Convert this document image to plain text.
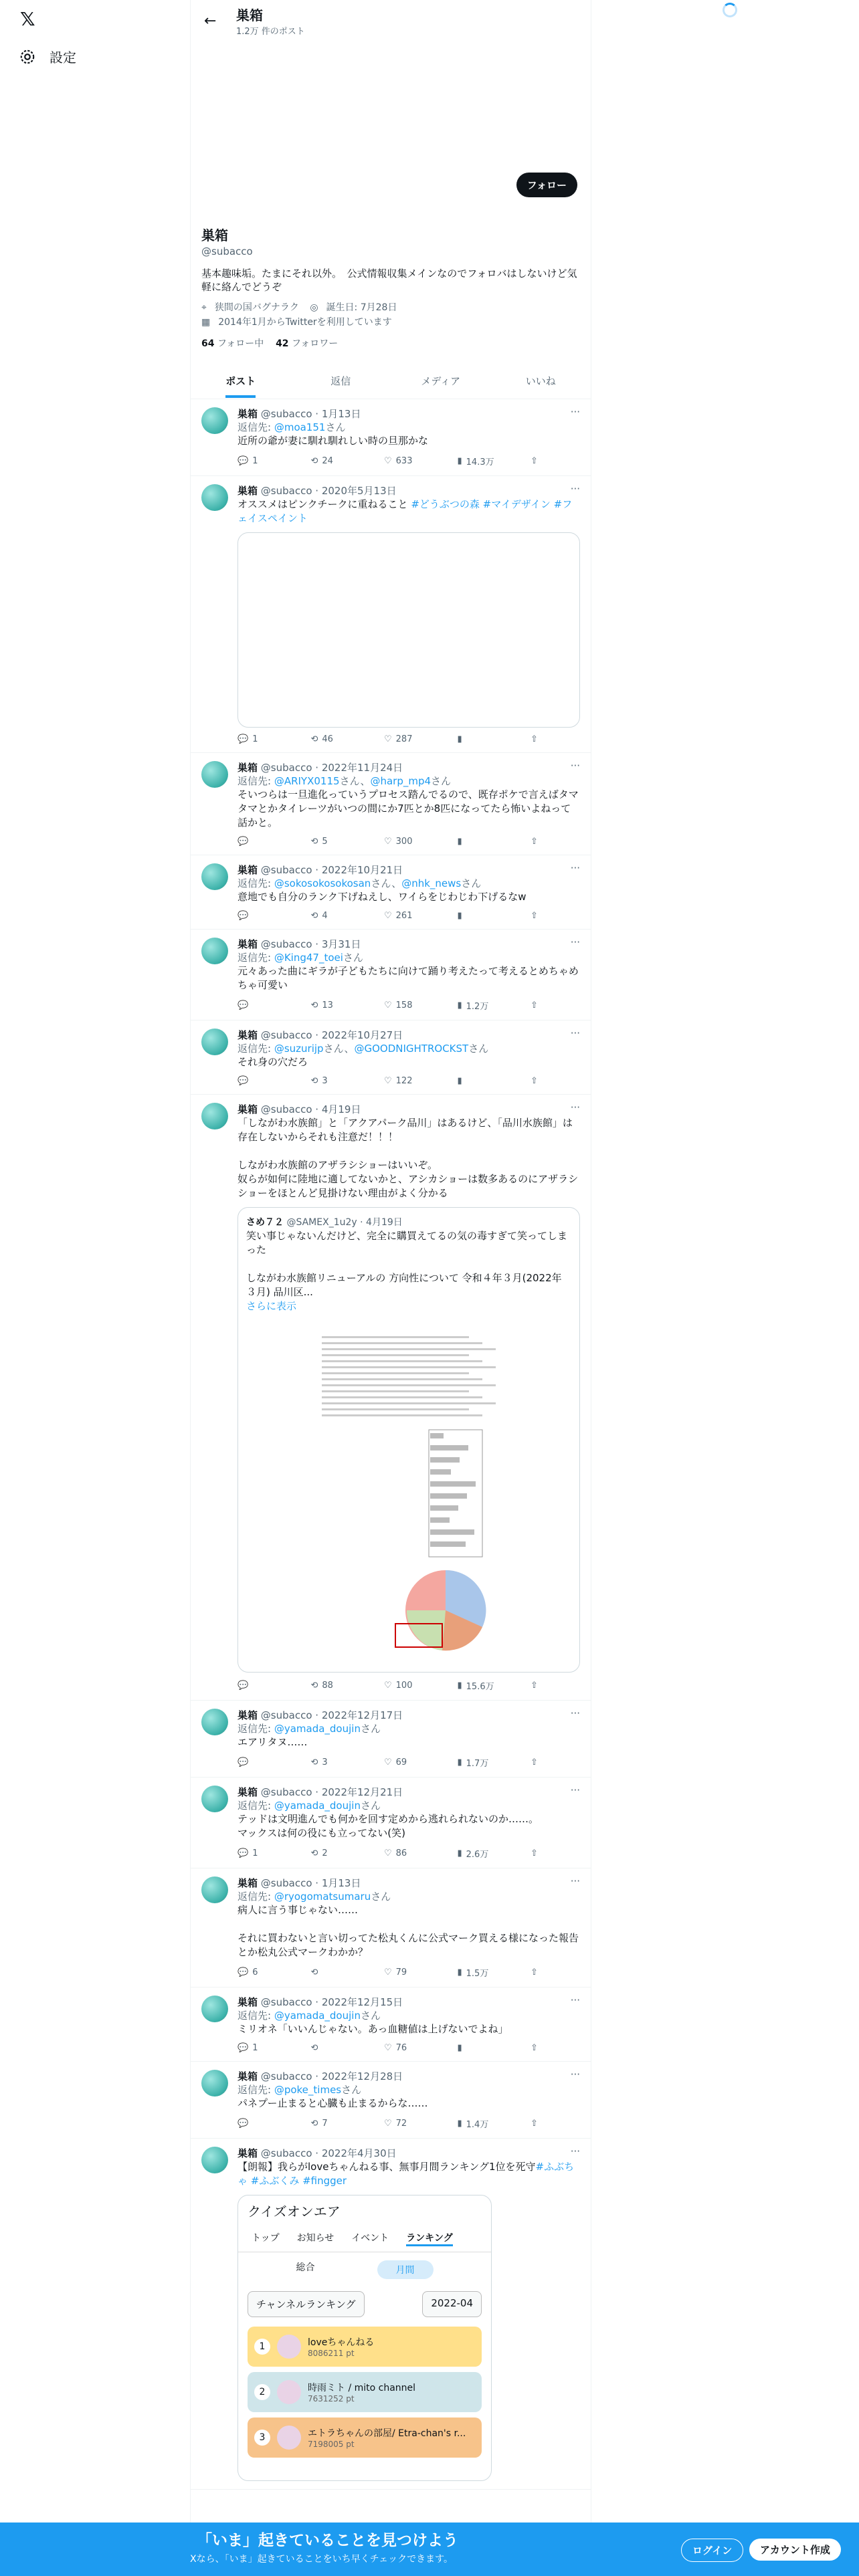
𝕏
設定
←	巣箱
1.2万 件のポスト
フォロー
巣箱
@subacco
基本趣味垢。たまにそれ以外。　公式情報収集メインなのでフォロバはしないけど気軽に絡んでどうぞ
⌖ 狭間の国バグナラク ◎ 誕生日: 7月28日
▦ 2014年1月からTwitterを利用しています
64 フォロー中 42 フォロワー
ポスト	返信	メディア	いいね
···
巣箱 @subacco · 1月13日
返信先: @moa151さん
近所の爺が妻に馴れ馴れしい時の旦那かな
💬 1	⟲ 24	♡ 633	▮ 14.3万	⇧
···
巣箱 @subacco · 2020年5月13日
オススメはピンクチークに重ねること #どうぶつの森 #マイデザイン #フェイスペイント
💬 1	⟲ 46	♡ 287	▮	⇧
···
巣箱 @subacco · 2022年11月24日
返信先: @ARIYX0115さん、@harp_mp4さん
そいつらは一旦進化っていうプロセス踏んでるので、既存ポケで言えばタマタマとかタイレーツがいつの間にか7匹とか8匹になってたら怖いよねって話かと。
💬	⟲ 5	♡ 300	▮	⇧
···
巣箱 @subacco · 2022年10月21日
返信先: @sokosokosokosanさん、@nhk_newsさん
意地でも自分のランク下げねえし、ワイらをじわじわ下げるなw
💬	⟲ 4	♡ 261	▮	⇧
···
巣箱 @subacco · 3月31日
返信先: @King47_toeiさん
元々あった曲にギラが子どもたちに向けて踊り考えたって考えるとめちゃめちゃ可愛い
💬	⟲ 13	♡ 158	▮ 1.2万	⇧
···
巣箱 @subacco · 2022年10月27日
返信先: @suzurijpさん、@GOODNIGHTROCKSTさん
それ身の穴だろ
💬	⟲ 3	♡ 122	▮	⇧
···
巣箱 @subacco · 4月19日
「しながわ水族館」と「アクアパーク品川」はあるけど、「品川水族館」は存在しないからそれも注意だ！！！

しながわ水族館のアザラシショーはいいぞ。
奴らが如何に陸地に適してないかと、アシカショーは数多あるのにアザラシショーをほとんど見掛けない理由がよく分かる
さめ７２ @SAMEX_1u2y · 4月19日
笑い事じゃないんだけど、完全に購買えてるの気の毒すぎて笑ってしまった

しながわ水族館リニューアルの 方向性について 令和４年３月(2022年３月) 品川区...
さらに表示
💬	⟲ 88	♡ 100	▮ 15.6万	⇧
···
巣箱 @subacco · 2022年12月17日
返信先: @yamada_doujinさん
エアリタヌ……
💬	⟲ 3	♡ 69	▮ 1.7万	⇧
···
巣箱 @subacco · 2022年12月21日
返信先: @yamada_doujinさん
テッドは文明進んでも何かを回す定めから逃れられないのか……。
マックスは何の役にも立ってない(笑)
💬 1	⟲ 2	♡ 86	▮ 2.6万	⇧
···
巣箱 @subacco · 1月13日
返信先: @ryogomatsumaruさん
病人に言う事じゃない……

それに買わないと言い切ってた松丸くんに公式マーク買える様になった報告とか松丸公式マークわかか？
💬 6	⟲	♡ 79	▮ 1.5万	⇧
···
巣箱 @subacco · 2022年12月15日
返信先: @yamada_doujinさん
ミリオネ「いいんじゃない。あっ血糖値は上げないでよね」
💬 1	⟲	♡ 76	▮	⇧
···
巣箱 @subacco · 2022年12月28日
返信先: @poke_timesさん
パネプー止まると心臓も止まるからな……
💬	⟲ 7	♡ 72	▮ 1.4万	⇧
···
巣箱 @subacco · 2022年4月30日
【朗報】我らがloveちゃんねる事、無事月間ランキング1位を死守#ふぶちゃ #ふぶくみ #fingger
クイズオンエア
トップ お知らせ イベント ランキング
総合	月間
チャンネルランキング	2022-04
1	loveちゃんねる
8086211 pt
2	時雨ミト / mito channel
7631252 pt
3	エトラちゃんの部屋/ Etra-chan's r...
7198005 pt
「いま」起きていることを見つけよう
Xなら、「いま」起きていることをいち早くチェックできます。
ログイン	アカウント作成
